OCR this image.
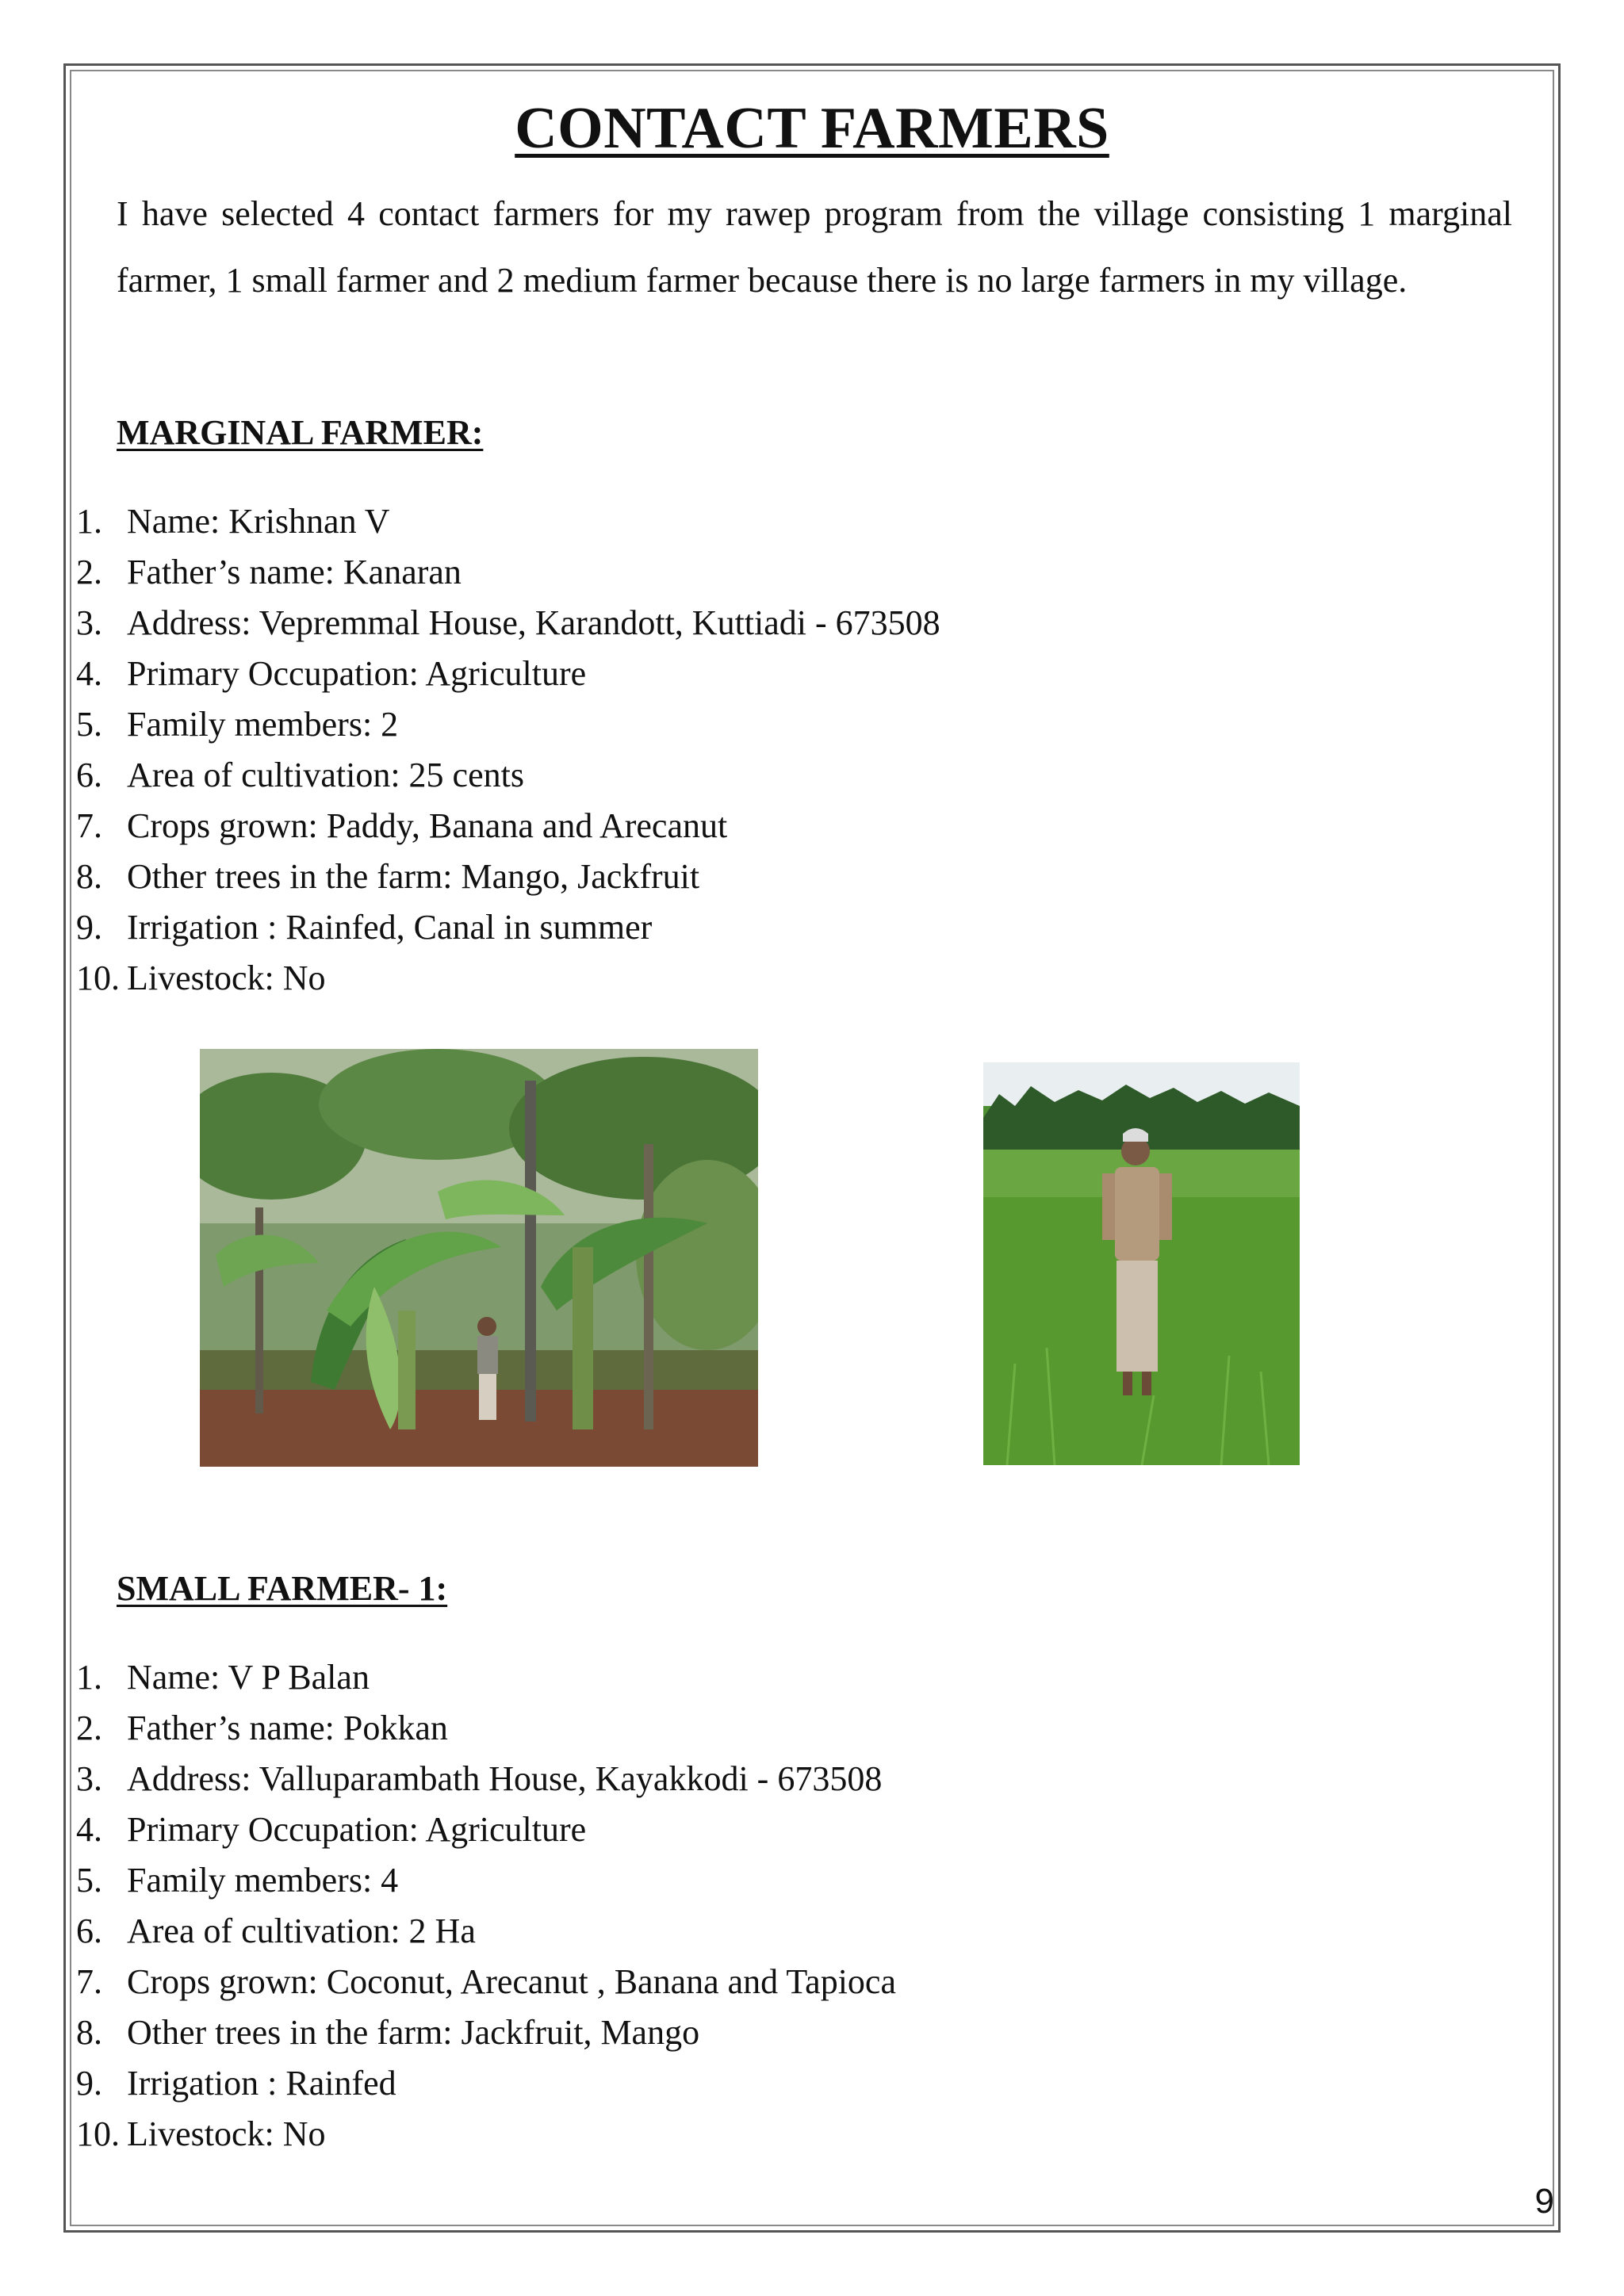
CONTACT FARMERS
I have selected 4 contact farmers for my rawep program from the village consisting 1 marginal farmer, 1 small farmer and 2 medium farmer because there is no large farmers in my village.
MARGINAL FARMER:
1. Name: Krishnan V
2. Father’s name: Kanaran
3. Address: Vepremmal House, Karandott, Kuttiadi - 673508
4. Primary Occupation: Agriculture
5. Family members: 2
6. Area of cultivation: 25 cents
7. Crops grown: Paddy, Banana and Arecanut
8. Other trees in the farm: Mango, Jackfruit
9. Irrigation : Rainfed, Canal in summer
10. Livestock: No
SMALL FARMER- 1:
1. Name: V P Balan
2. Father’s name: Pokkan
3. Address: Valluparambath House, Kayakkodi - 673508
4. Primary Occupation: Agriculture
5. Family members: 4
6. Area of cultivation: 2 Ha
7. Crops grown: Coconut, Arecanut , Banana and Tapioca
8. Other trees in the farm: Jackfruit, Mango
9. Irrigation : Rainfed
10. Livestock: No
9
